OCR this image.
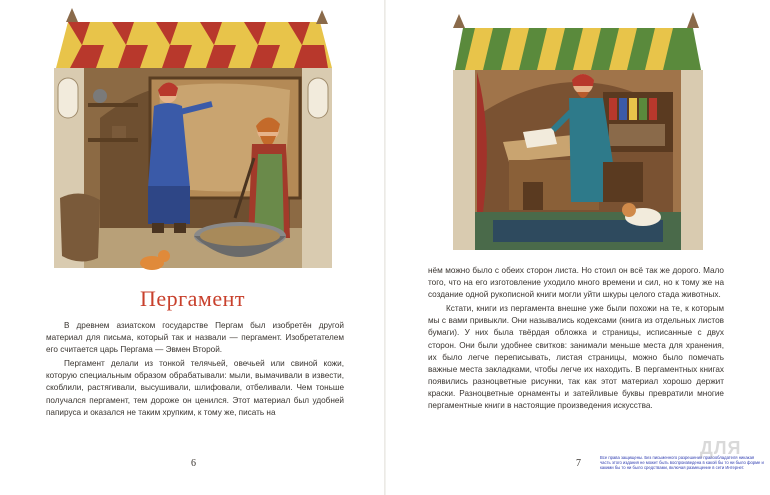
Пергамент

В древнем азиатском государстве Пергам был изобретён другой материал для письма, который так и назвали — пергамент. Изобретателем его считается царь Пергама — Эвмен Второй.

Пергамент делали из тонкой телячьей, овечьей или свиной кожи, которую специальным образом обрабатывали: мыли, вымачивали в извести, скоблили, растягивали, высушивали, шлифовали, отбеливали. Чем тоньше получался пергамент, тем дороже он ценился. Этот материал был удобней папируса и оказался не таким хрупким, к тому же, писать на

6

нём можно было с обеих сторон листа. Но стоил он всё так же дорого. Мало того, что на его изготовление уходило много времени и сил, но к тому же на создание одной рукописной книги могли уйти шкуры целого стада животных.

Кстати, книги из пергамента внешне уже были похожи на те, к которым мы с вами привыкли. Они назывались кодексами (книга из отдельных листов бумаги). У них была твёрдая обложка и страницы, исписанные с двух сторон. Они были удобнее свитков: занимали меньше места для хранения, их было легче переписывать, листая страницы, можно было помечать важные места закладками, чтобы легче их находить. В пергаментных книгах появились разноцветные рисунки, так как этот материал хорошо держит краски. Разноцветные орнаменты и затейливые буквы превратили многие пергаментные книги в настоящие произведения искусства.

7
Все права защищены. Без письменного разрешения правообладателя никакая часть этого издания не может быть воспроизведена в какой бы то ни было форме и какими бы то ни было средствами, включая размещение в сети Интернет.
ДЛЯ
